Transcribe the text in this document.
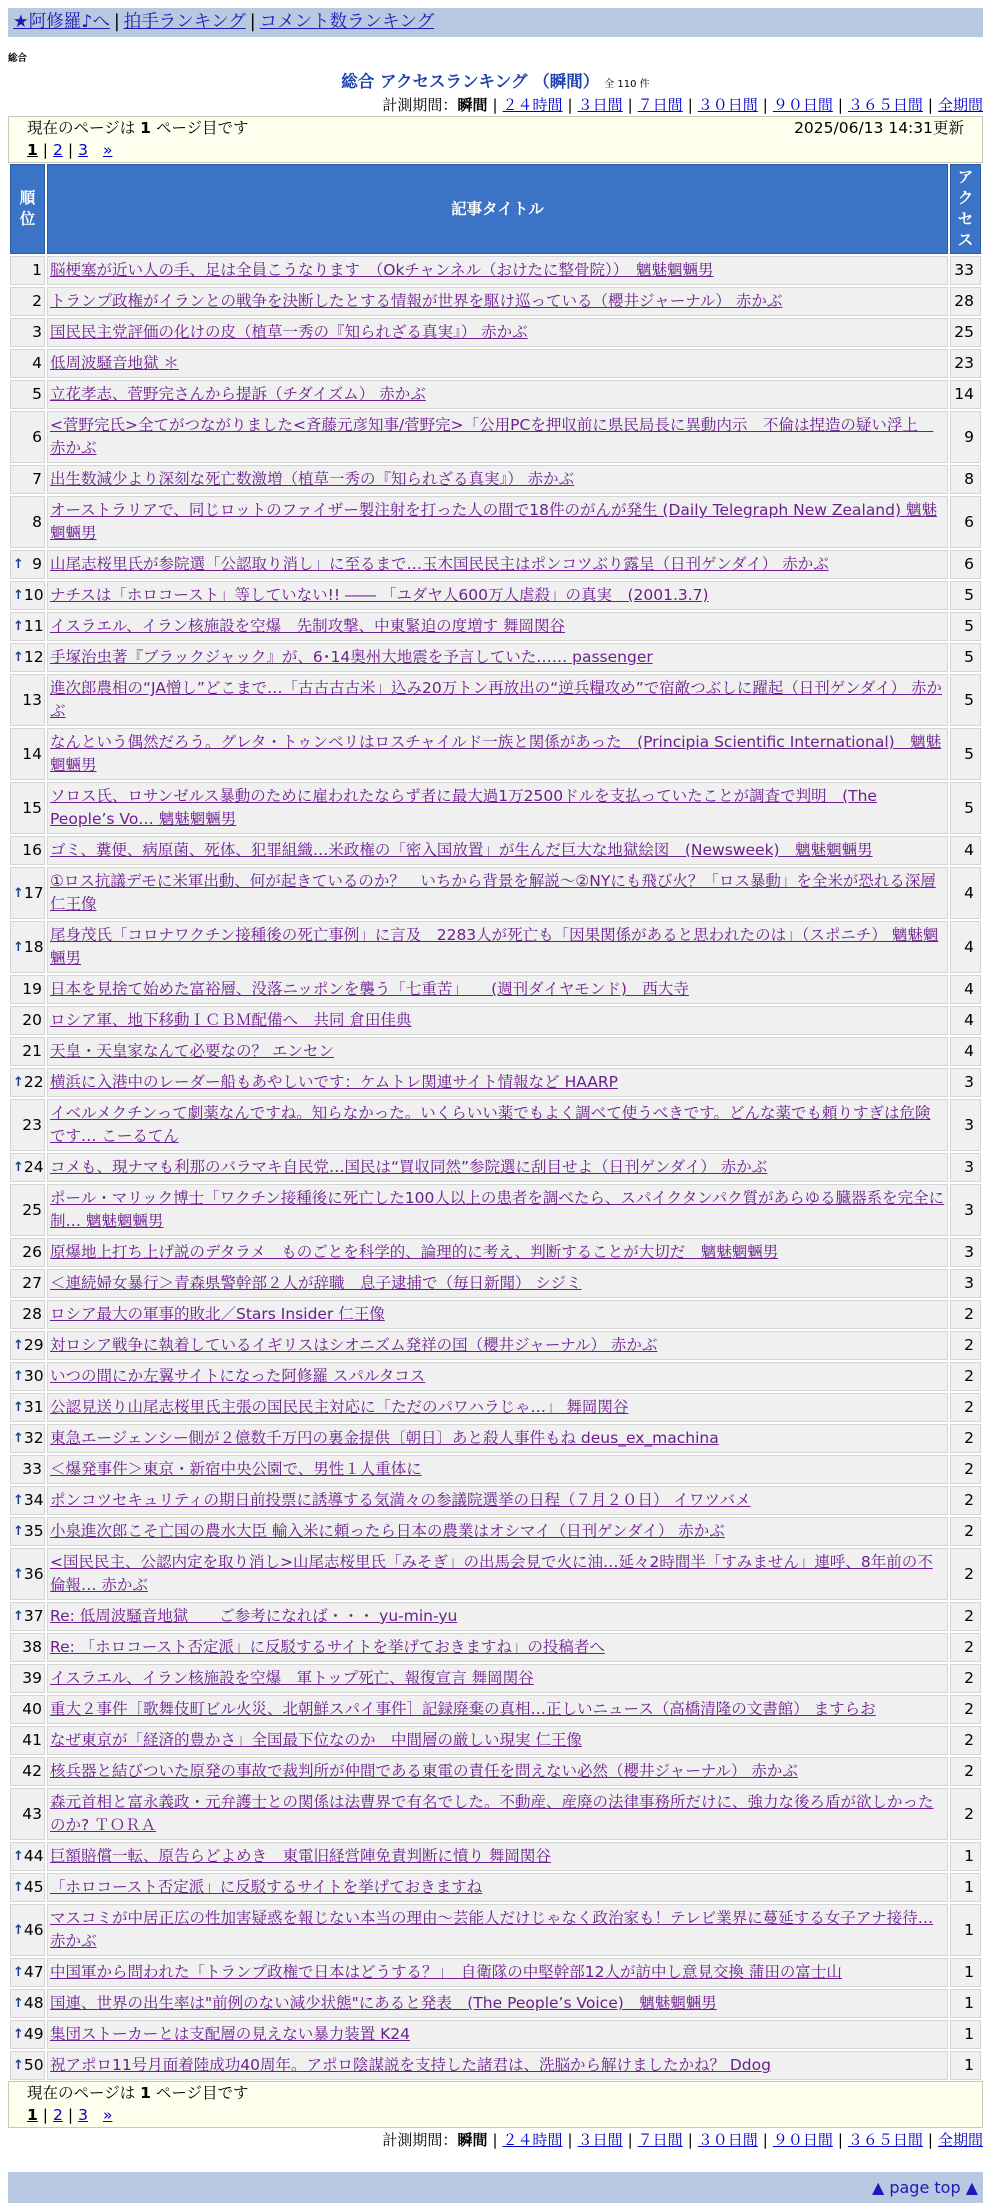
★阿修羅♪へ | 拍手ランキング | コメント数ランキング
総合
総合 アクセスランキング （瞬間） 全 110 件
計測期間：瞬間 | ２４時間 | ３日間 | ７日間 | ３０日間 | ９０日間 | ３６５日間 | 全期間
現在のページは 1 ページ目です	2025/06/13 14:31更新
1 | 2 | 3 »
順位	記事タイトル	アクセス
1	脳梗塞が近い人の手、足は全員こうなります　（Okチャンネル（おけたに整骨院））　魑魅魍魎男	33
2	トランプ政権がイランとの戦争を決断したとする情報が世界を駆け巡っている（櫻井ジャーナル） 赤かぶ	28
3	国民民主党評価の化けの皮（植草一秀の『知られざる真実』） 赤かぶ	25
4	低周波騒音地獄 ＊	23
5	立花孝志、菅野完さんから提訴（チダイズム） 赤かぶ	14
6	<菅野完氏>全てがつながりました<斉藤元彦知事/菅野完>「公用PCを押収前に県民局長に異動内示　不倫は捏造の疑い浮上　赤かぶ	9
7	出生数減少より深刻な死亡数激増（植草一秀の『知られざる真実』） 赤かぶ	8
8	オーストラリアで、同じロットのファイザー製注射を打った人の間で18件のがんが発生 (Daily Telegraph New Zealand) 魑魅魍魎男	6

↑ 9	山尾志桜里氏が参院選「公認取り消し」に至るまで…玉木国民民主はポンコツぶり露呈（日刊ゲンダイ） 赤かぶ	6

↑ 10	ナチスは「ホロコースト」等していない!! ―― 「ユダヤ人600万人虐殺」の真実　(2001.3.7)	5

↑ 11	イスラエル、イラン核施設を空爆　先制攻撃、中東緊迫の度増す 舞岡関谷	5

↑ 12	手塚治虫著『ブラックジャック』が、6･14奥州大地震を予言していた…… passenger	5
13	進次郎農相の“JA憎し”どこまで…「古古古古米」込み20万トン再放出の“逆兵糧攻め”で宿敵つぶしに躍起（日刊ゲンダイ） 赤かぶ	5
14	なんという偶然だろう。グレタ・トゥンベリはロスチャイルド一族と関係があった　(Principia Scientific International)　魑魅魍魎男	5
15	ソロス氏、ロサンゼルス暴動のために雇われたならず者に最大過1万2500ドルを支払っていたことが調査で判明　(The People’s Vo… 魑魅魍魎男	5
16	ゴミ、糞便、病原菌、死体、犯罪組織…米政権の「密入国放置」が生んだ巨大な地獄絵図　(Newsweek)　魑魅魍魎男	4

↑ 17	①ロス抗議デモに米軍出動、何が起きているのか？　いちから背景を解説～②NYにも飛び火？「ロス暴動」を全米が恐れる深層 仁王像	4

↑ 18	尾身茂氏「コロナワクチン接種後の死亡事例」に言及　2283人が死亡も「因果関係があると思われたのは」（スポニチ） 魑魅魍魎男	4
19	日本を見捨て始めた富裕層、没落ニッポンを襲う「七重苦」　　(週刊ダイヤモンド)　西大寺	4
20	ロシア軍、地下移動ＩＣＢＭ配備へ　共同 倉田佳典	4
21	天皇・天皇家なんて必要なの？ エンセン	4

↑ 22	横浜に入港中のレーダー船もあやしいです：ケムトレ関連サイト情報など HAARP	3
23	イベルメクチンって劇薬なんですね。知らなかった。いくらいい薬でもよく調べて使うべきです。どんな薬でも頼りすぎは危険です… こーるてん	3

↑ 24	コメも、現ナマも利那のバラマキ自民党…国民は“買収同然”参院選に刮目せよ（日刊ゲンダイ） 赤かぶ	3
25	ポール・マリック博士「ワクチン接種後に死亡した100人以上の患者を調べたら、スパイクタンパク質があらゆる臓器系を完全に制… 魑魅魍魎男	3
26	原爆地上打ち上げ説のデタラメ　ものごとを科学的、論理的に考え、判断することが大切だ　魑魅魍魎男	3
27	＜連続婦女暴行＞青森県警幹部２人が辞職　息子逮捕で（毎日新聞） シジミ	3
28	ロシア最大の軍事的敗北／Stars Insider 仁王像	2

↑ 29	対ロシア戦争に執着しているイギリスはシオニズム発祥の国（櫻井ジャーナル） 赤かぶ	2

↑ 30	いつの間にか左翼サイトになった阿修羅 スパルタコス	2

↑ 31	公認見送り山尾志桜里氏主張の国民民主対応に「ただのパワハラじゃ…」 舞岡関谷	2

↑ 32	東急エージェンシー側が２億数千万円の裏金提供〔朝日〕あと殺人事件もね deus_ex_machina	2
33	＜爆発事件＞東京・新宿中央公園で、男性１人重体に	2

↑ 34	ポンコツセキュリティの期日前投票に誘導する気満々の参議院選挙の日程（７月２０日） イワツバメ	2

↑ 35	小泉進次郎こそ亡国の農水大臣 輸入米に頼ったら日本の農業はオシマイ（日刊ゲンダイ） 赤かぶ	2

↑ 36	<国民民主、公認内定を取り消し>山尾志桜里氏「みそぎ」の出馬会見で火に油…延々2時間半「すみません」連呼、8年前の不倫報… 赤かぶ	2

↑ 37	Re: 低周波騒音地獄　　ご参考になれば・・・ yu-min-yu	2
38	Re: 「ホロコースト否定派」に反駁するサイトを挙げておきますね」の投稿者へ	2
39	イスラエル、イラン核施設を空爆　軍トップ死亡、報復宣言 舞岡関谷	2
40	重大２事件［歌舞伎町ビル火災、北朝鮮スパイ事件］記録廃棄の真相…正しいニュース（高橋清隆の文書館） ますらお	2
41	なぜ東京が「経済的豊かさ」全国最下位なのか　中間層の厳しい現実 仁王像	2
42	核兵器と結びついた原発の事故で裁判所が仲間である東電の責任を問えない必然（櫻井ジャーナル） 赤かぶ	2
43	森元首相と富永義政・元弁護士との関係は法曹界で有名でした。不動産、産廃の法律事務所だけに、強力な後ろ盾が欲しかったのか? ＴＯＲＡ	2

↑ 44	巨額賠償一転、原告らどよめき　東電旧経営陣免責判断に憤り 舞岡関谷	1

↑ 45	「ホロコースト否定派」に反駁するサイトを挙げておきますね	1

↑ 46	マスコミが中居正広の性加害疑惑を報じない本当の理由～芸能人だけじゃなく政治家も！テレビ業界に蔓延する女子アナ接待… 赤かぶ	1

↑ 47	中国軍から問われた「トランプ政権で日本はどうする？」　自衛隊の中堅幹部12人が訪中し意見交換 蒲田の富士山	1

↑ 48	国連、世界の出生率は"前例のない減少状態"にあると発表　(The People’s Voice)　魑魅魍魎男	1

↑ 49	集団ストーカーとは支配層の見えない暴力装置 K24	1

↑ 50	祝アポロ11号月面着陸成功40周年。アポロ陰謀説を支持した諸君は、洗脳から解けましたかね？ Ddog	1
現在のページは 1 ページ目です
1 | 2 | 3 »
計測期間：瞬間 | ２４時間 | ３日間 | ７日間 | ３０日間 | ９０日間 | ３６５日間 | 全期間
▲ page top ▲
